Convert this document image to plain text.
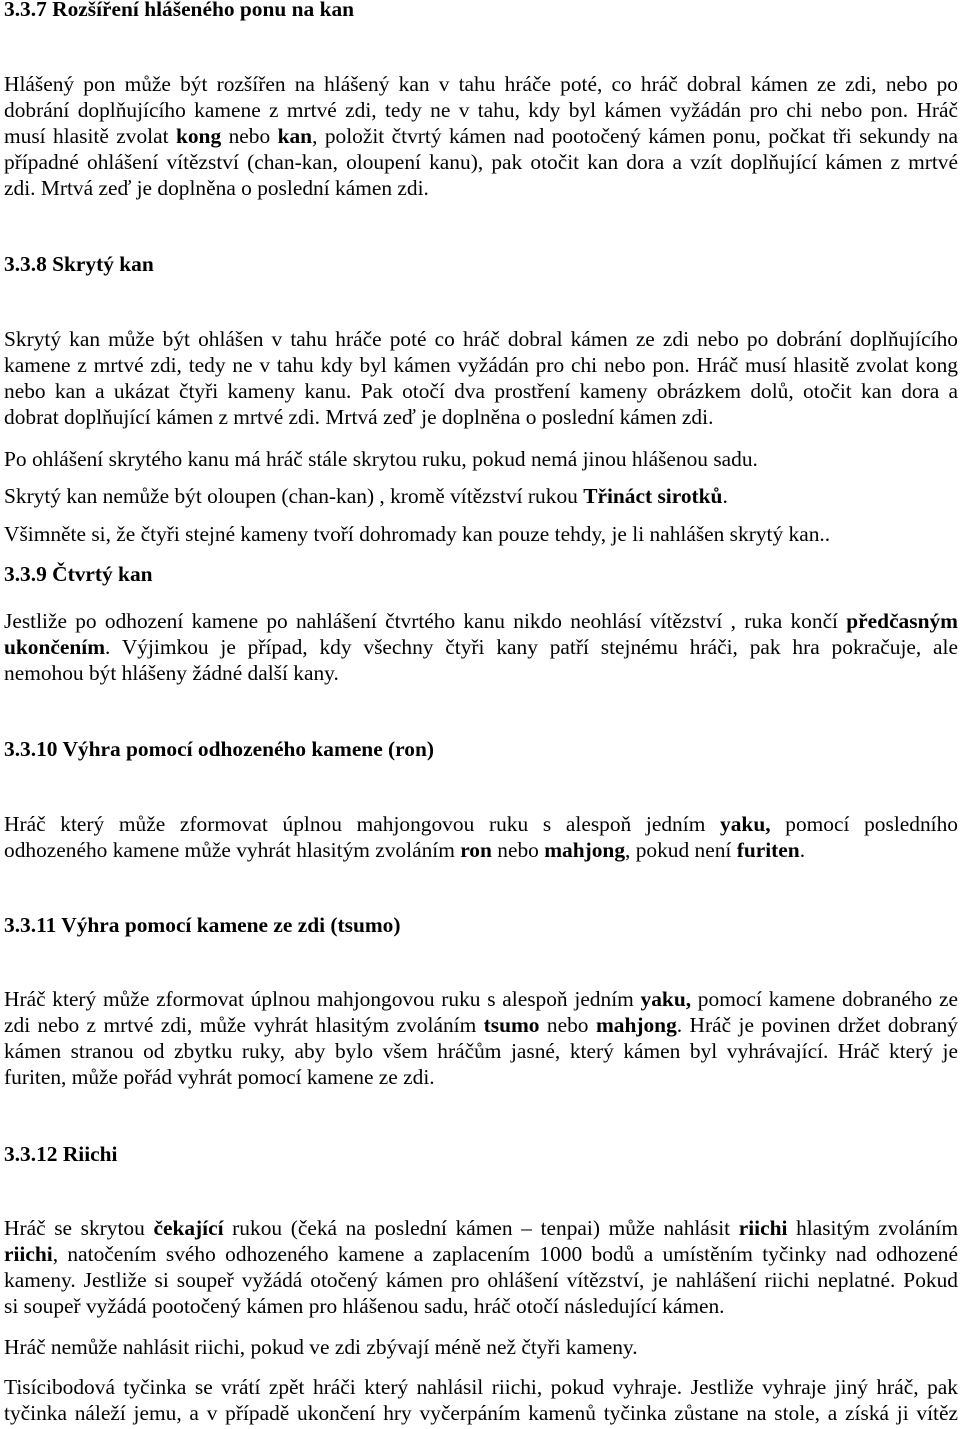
3.3.7 Rozšíření hlášeného ponu na kan
Hlášený pon může být rozšířen na hlášený kan v tahu hráče poté, co hráč dobral kámen ze zdi, nebo po
dobrání doplňujícího kamene z mrtvé zdi, tedy ne v tahu, kdy byl kámen vyžádán pro chi nebo pon. Hráč
musí hlasitě zvolat kong nebo kan, položit čtvrtý kámen nad pootočený kámen ponu, počkat tři sekundy na
případné ohlášení vítězství (chan-kan, oloupení kanu), pak otočit kan dora a vzít doplňující kámen z mrtvé
zdi. Mrtvá zeď je doplněna o poslední kámen zdi.
3.3.8 Skrytý kan
Skrytý kan může být ohlášen v tahu hráče poté co hráč dobral kámen ze zdi nebo po dobrání doplňujícího
kamene z mrtvé zdi, tedy ne v tahu kdy byl kámen vyžádán pro chi nebo pon. Hráč musí hlasitě zvolat kong
nebo kan a ukázat čtyři kameny kanu. Pak otočí dva prostření kameny obrázkem dolů, otočit kan dora a
dobrat doplňující kámen z mrtvé zdi. Mrtvá zeď je doplněna o poslední kámen zdi.
Po ohlášení skrytého kanu má hráč stále skrytou ruku, pokud nemá jinou hlášenou sadu.
Skrytý kan nemůže být oloupen (chan-kan) , kromě vítězství rukou Třináct sirotků.
Všimněte si, že čtyři stejné kameny tvoří dohromady kan pouze tehdy, je li nahlášen skrytý kan..
3.3.9 Čtvrtý kan
Jestliže po odhození kamene po nahlášení čtvrtého kanu nikdo neohlásí vítězství , ruka končí předčasným
ukončením. Výjimkou je případ, kdy všechny čtyři kany patří stejnému hráči, pak hra pokračuje, ale
nemohou být hlášeny žádné další kany.
3.3.10 Výhra pomocí odhozeného kamene (ron)
Hráč který může zformovat úplnou mahjongovou ruku s alespoň jedním yaku, pomocí posledního
odhozeného kamene může vyhrát hlasitým zvoláním ron nebo mahjong, pokud není furiten.
3.3.11 Výhra pomocí kamene ze zdi (tsumo)
Hráč který může zformovat úplnou mahjongovou ruku s alespoň jedním yaku, pomocí kamene dobraného ze
zdi nebo z mrtvé zdi, může vyhrát hlasitým zvoláním tsumo nebo mahjong. Hráč je povinen držet dobraný
kámen stranou od zbytku ruky, aby bylo všem hráčům jasné, který kámen byl vyhrávající. Hráč který je
furiten, může pořád vyhrát pomocí kamene ze zdi.
3.3.12 Riichi
Hráč se skrytou čekající rukou (čeká na poslední kámen – tenpai) může nahlásit riichi hlasitým zvoláním
riichi, natočením svého odhozeného kamene a zaplacením 1000 bodů a umístěním tyčinky nad odhozené
kameny. Jestliže si soupeř vyžádá otočený kámen pro ohlášení vítězství, je nahlášení riichi neplatné. Pokud
si soupeř vyžádá pootočený kámen pro hlášenou sadu, hráč otočí následující kámen.
Hráč nemůže nahlásit riichi, pokud ve zdi zbývají méně než čtyři kameny.
Tisícibodová tyčinka se vrátí zpět hráči který nahlásil riichi, pokud vyhraje. Jestliže vyhraje jiný hráč, pak
tyčinka náleží jemu, a v případě ukončení hry vyčerpáním kamenů tyčinka zůstane na stole, a získá ji vítěz
